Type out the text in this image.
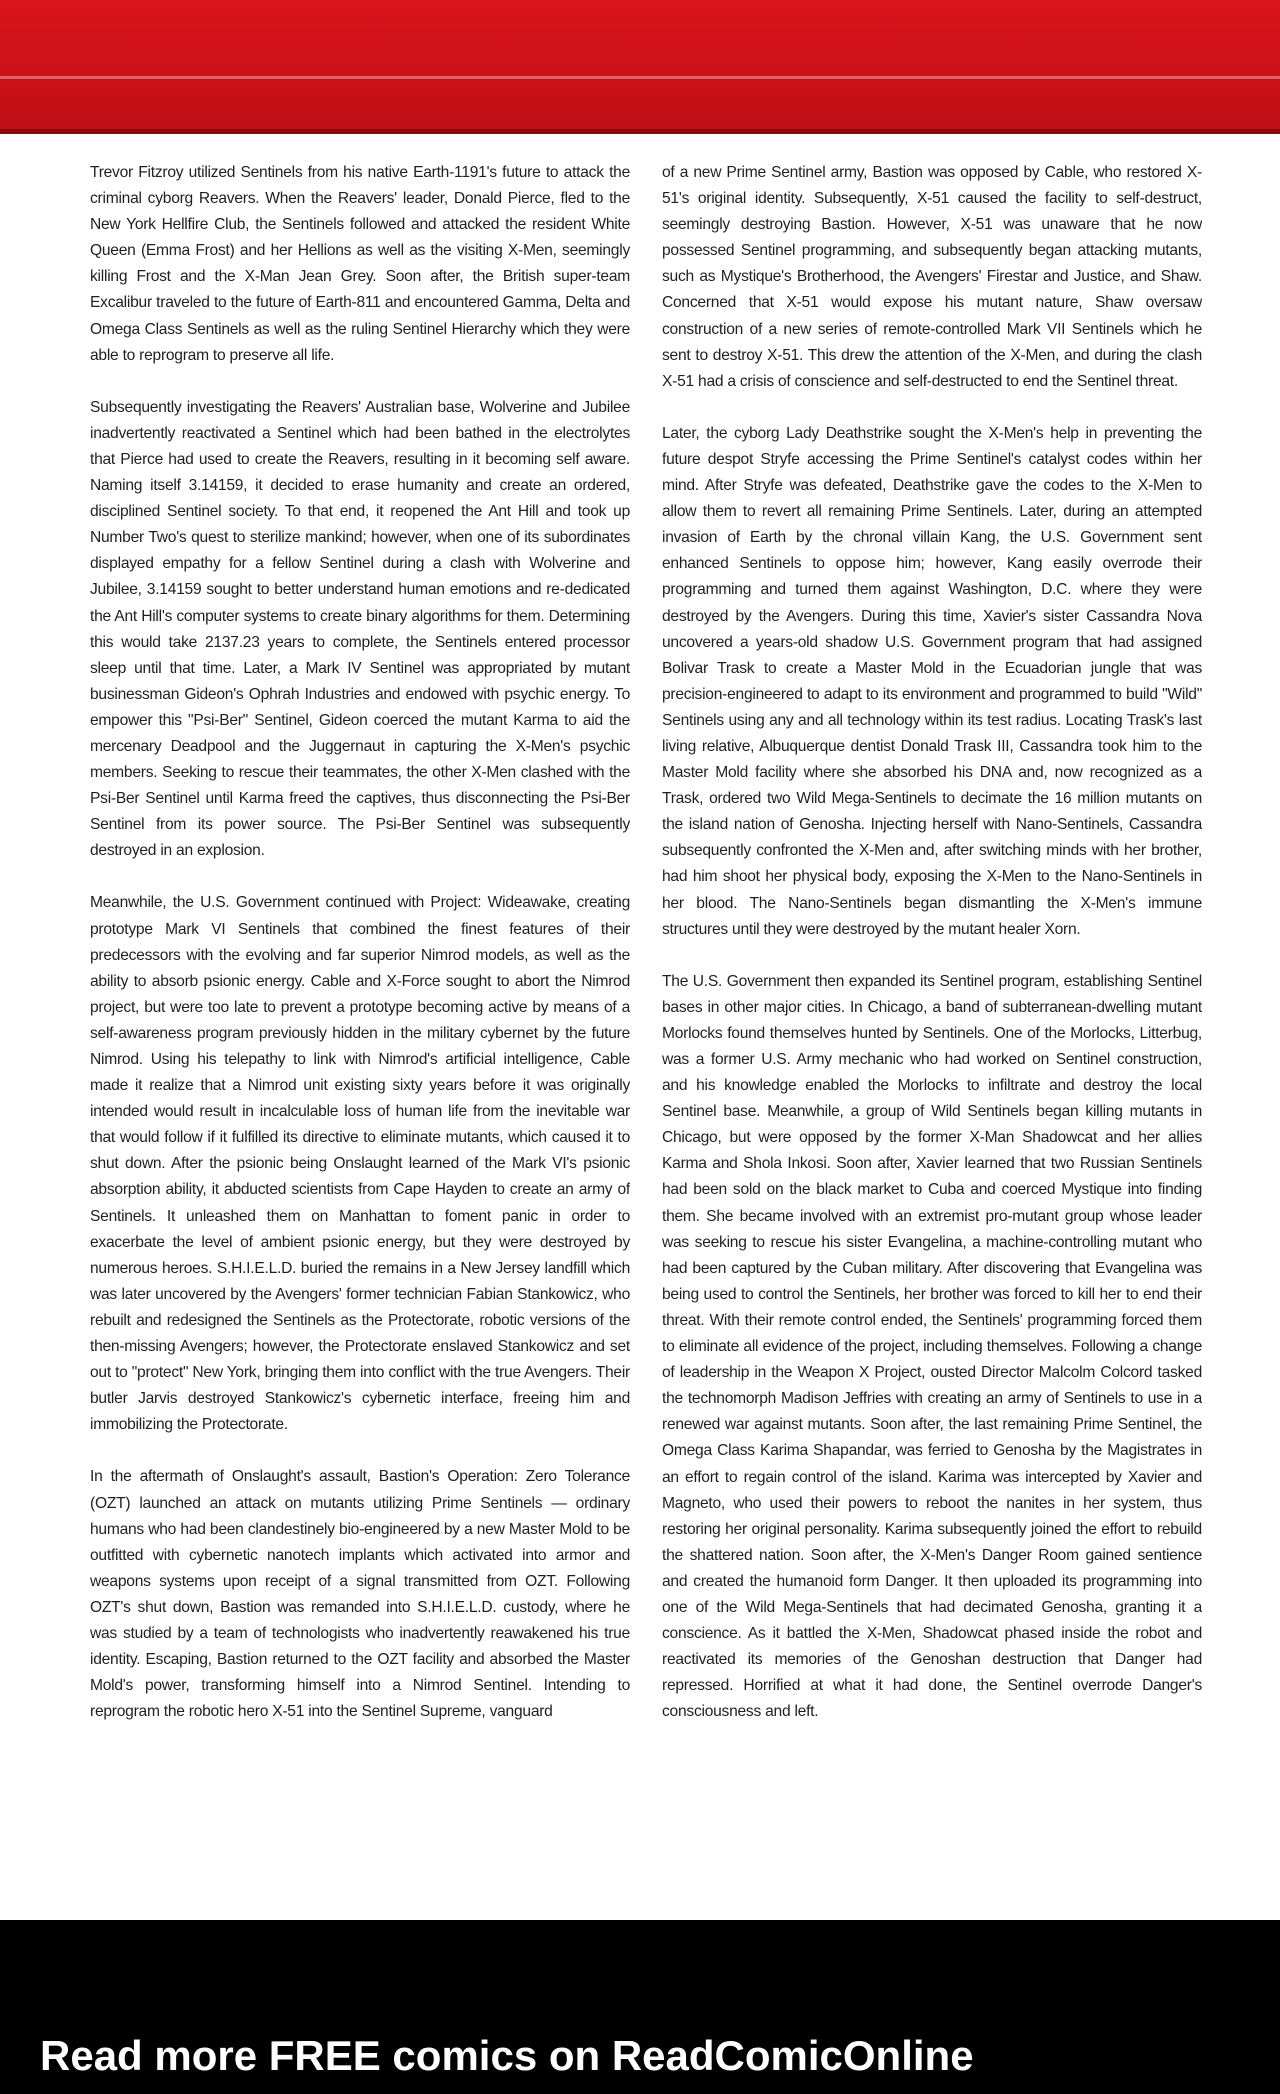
Trevor Fitzroy utilized Sentinels from his native Earth-1191's future to attack the criminal cyborg Reavers. When the Reavers' leader, Donald Pierce, fled to the New York Hellfire Club, the Sentinels followed and attacked the resident White Queen (Emma Frost) and her Hellions as well as the visiting X-Men, seemingly killing Frost and the X-Man Jean Grey. Soon after, the British super-team Excalibur traveled to the future of Earth-811 and encountered Gamma, Delta and Omega Class Sentinels as well as the ruling Sentinel Hierarchy which they were able to reprogram to preserve all life.

Subsequently investigating the Reavers' Australian base, Wolverine and Jubilee inadvertently reactivated a Sentinel which had been bathed in the electrolytes that Pierce had used to create the Reavers, resulting in it becoming self aware. Naming itself 3.14159, it decided to erase humanity and create an ordered, disciplined Sentinel society. To that end, it reopened the Ant Hill and took up Number Two's quest to sterilize mankind; however, when one of its subordinates displayed empathy for a fellow Sentinel during a clash with Wolverine and Jubilee, 3.14159 sought to better understand human emotions and re-dedicated the Ant Hill's computer systems to create binary algorithms for them. Determining this would take 2137.23 years to complete, the Sentinels entered processor sleep until that time. Later, a Mark IV Sentinel was appropriated by mutant businessman Gideon's Ophrah Industries and endowed with psychic energy. To empower this "Psi-Ber" Sentinel, Gideon coerced the mutant Karma to aid the mercenary Deadpool and the Juggernaut in capturing the X-Men's psychic members. Seeking to rescue their teammates, the other X-Men clashed with the Psi-Ber Sentinel until Karma freed the captives, thus disconnecting the Psi-Ber Sentinel from its power source. The Psi-Ber Sentinel was subsequently destroyed in an explosion.

Meanwhile, the U.S. Government continued with Project: Wideawake, creating prototype Mark VI Sentinels that combined the finest features of their predecessors with the evolving and far superior Nimrod models, as well as the ability to absorb psionic energy. Cable and X-Force sought to abort the Nimrod project, but were too late to prevent a prototype becoming active by means of a self-awareness program previously hidden in the military cybernet by the future Nimrod. Using his telepathy to link with Nimrod's artificial intelligence, Cable made it realize that a Nimrod unit existing sixty years before it was originally intended would result in incalculable loss of human life from the inevitable war that would follow if it fulfilled its directive to eliminate mutants, which caused it to shut down. After the psionic being Onslaught learned of the Mark VI's psionic absorption ability, it abducted scientists from Cape Hayden to create an army of Sentinels. It unleashed them on Manhattan to foment panic in order to exacerbate the level of ambient psionic energy, but they were destroyed by numerous heroes. S.H.I.E.L.D. buried the remains in a New Jersey landfill which was later uncovered by the Avengers' former technician Fabian Stankowicz, who rebuilt and redesigned the Sentinels as the Protectorate, robotic versions of the then-missing Avengers; however, the Protectorate enslaved Stankowicz and set out to "protect" New York, bringing them into conflict with the true Avengers. Their butler Jarvis destroyed Stankowicz's cybernetic interface, freeing him and immobilizing the Protectorate.

In the aftermath of Onslaught's assault, Bastion's Operation: Zero Tolerance (OZT) launched an attack on mutants utilizing Prime Sentinels — ordinary humans who had been clandestinely bio-engineered by a new Master Mold to be outfitted with cybernetic nanotech implants which activated into armor and weapons systems upon receipt of a signal transmitted from OZT. Following OZT's shut down, Bastion was remanded into S.H.I.E.L.D. custody, where he was studied by a team of technologists who inadvertently reawakened his true identity. Escaping, Bastion returned to the OZT facility and absorbed the Master Mold's power, transforming himself into a Nimrod Sentinel. Intending to reprogram the robotic hero X-51 into the Sentinel Supreme, vanguard

of a new Prime Sentinel army, Bastion was opposed by Cable, who restored X-51's original identity. Subsequently, X-51 caused the facility to self-destruct, seemingly destroying Bastion. However, X-51 was unaware that he now possessed Sentinel programming, and subsequently began attacking mutants, such as Mystique's Brotherhood, the Avengers' Firestar and Justice, and Shaw. Concerned that X-51 would expose his mutant nature, Shaw oversaw construction of a new series of remote-controlled Mark VII Sentinels which he sent to destroy X-51. This drew the attention of the X-Men, and during the clash X-51 had a crisis of conscience and self-destructed to end the Sentinel threat.

Later, the cyborg Lady Deathstrike sought the X-Men's help in preventing the future despot Stryfe accessing the Prime Sentinel's catalyst codes within her mind. After Stryfe was defeated, Deathstrike gave the codes to the X-Men to allow them to revert all remaining Prime Sentinels. Later, during an attempted invasion of Earth by the chronal villain Kang, the U.S. Government sent enhanced Sentinels to oppose him; however, Kang easily overrode their programming and turned them against Washington, D.C. where they were destroyed by the Avengers. During this time, Xavier's sister Cassandra Nova uncovered a years-old shadow U.S. Government program that had assigned Bolivar Trask to create a Master Mold in the Ecuadorian jungle that was precision-engineered to adapt to its environment and programmed to build "Wild" Sentinels using any and all technology within its test radius. Locating Trask's last living relative, Albuquerque dentist Donald Trask III, Cassandra took him to the Master Mold facility where she absorbed his DNA and, now recognized as a Trask, ordered two Wild Mega-Sentinels to decimate the 16 million mutants on the island nation of Genosha. Injecting herself with Nano-Sentinels, Cassandra subsequently confronted the X-Men and, after switching minds with her brother, had him shoot her physical body, exposing the X-Men to the Nano-Sentinels in her blood. The Nano-Sentinels began dismantling the X-Men's immune structures until they were destroyed by the mutant healer Xorn.

The U.S. Government then expanded its Sentinel program, establishing Sentinel bases in other major cities. In Chicago, a band of subterranean-dwelling mutant Morlocks found themselves hunted by Sentinels. One of the Morlocks, Litterbug, was a former U.S. Army mechanic who had worked on Sentinel construction, and his knowledge enabled the Morlocks to infiltrate and destroy the local Sentinel base. Meanwhile, a group of Wild Sentinels began killing mutants in Chicago, but were opposed by the former X-Man Shadowcat and her allies Karma and Shola Inkosi. Soon after, Xavier learned that two Russian Sentinels had been sold on the black market to Cuba and coerced Mystique into finding them. She became involved with an extremist pro-mutant group whose leader was seeking to rescue his sister Evangelina, a machine-controlling mutant who had been captured by the Cuban military. After discovering that Evangelina was being used to control the Sentinels, her brother was forced to kill her to end their threat. With their remote control ended, the Sentinels' programming forced them to eliminate all evidence of the project, including themselves. Following a change of leadership in the Weapon X Project, ousted Director Malcolm Colcord tasked the technomorph Madison Jeffries with creating an army of Sentinels to use in a renewed war against mutants. Soon after, the last remaining Prime Sentinel, the Omega Class Karima Shapandar, was ferried to Genosha by the Magistrates in an effort to regain control of the island. Karima was intercepted by Xavier and Magneto, who used their powers to reboot the nanites in her system, thus restoring her original personality. Karima subsequently joined the effort to rebuild the shattered nation. Soon after, the X-Men's Danger Room gained sentience and created the humanoid form Danger. It then uploaded its programming into one of the Wild Mega-Sentinels that had decimated Genosha, granting it a conscience. As it battled the X-Men, Shadowcat phased inside the robot and reactivated its memories of the Genoshan destruction that Danger had repressed. Horrified at what it had done, the Sentinel overrode Danger's consciousness and left.

Read more FREE comics on ReadComicOnline
